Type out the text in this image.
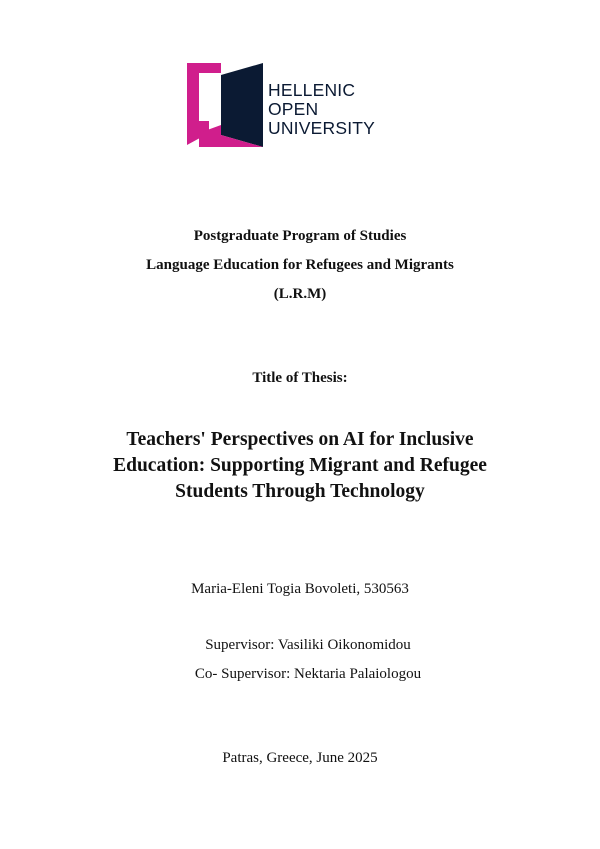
HELLENIC
OPEN
UNIVERSITY
Postgraduate Program of Studies
Language Education for Refugees and Migrants
(L.R.M)
Title of Thesis:
Teachers' Perspectives on AI for Inclusive
Education: Supporting Migrant and Refugee
Students Through Technology
Maria-Eleni Togia Bovoleti, 530563
Supervisor: Vasiliki Oikonomidou
Co- Supervisor: Nektaria Palaiologou
Patras, Greece, June 2025
